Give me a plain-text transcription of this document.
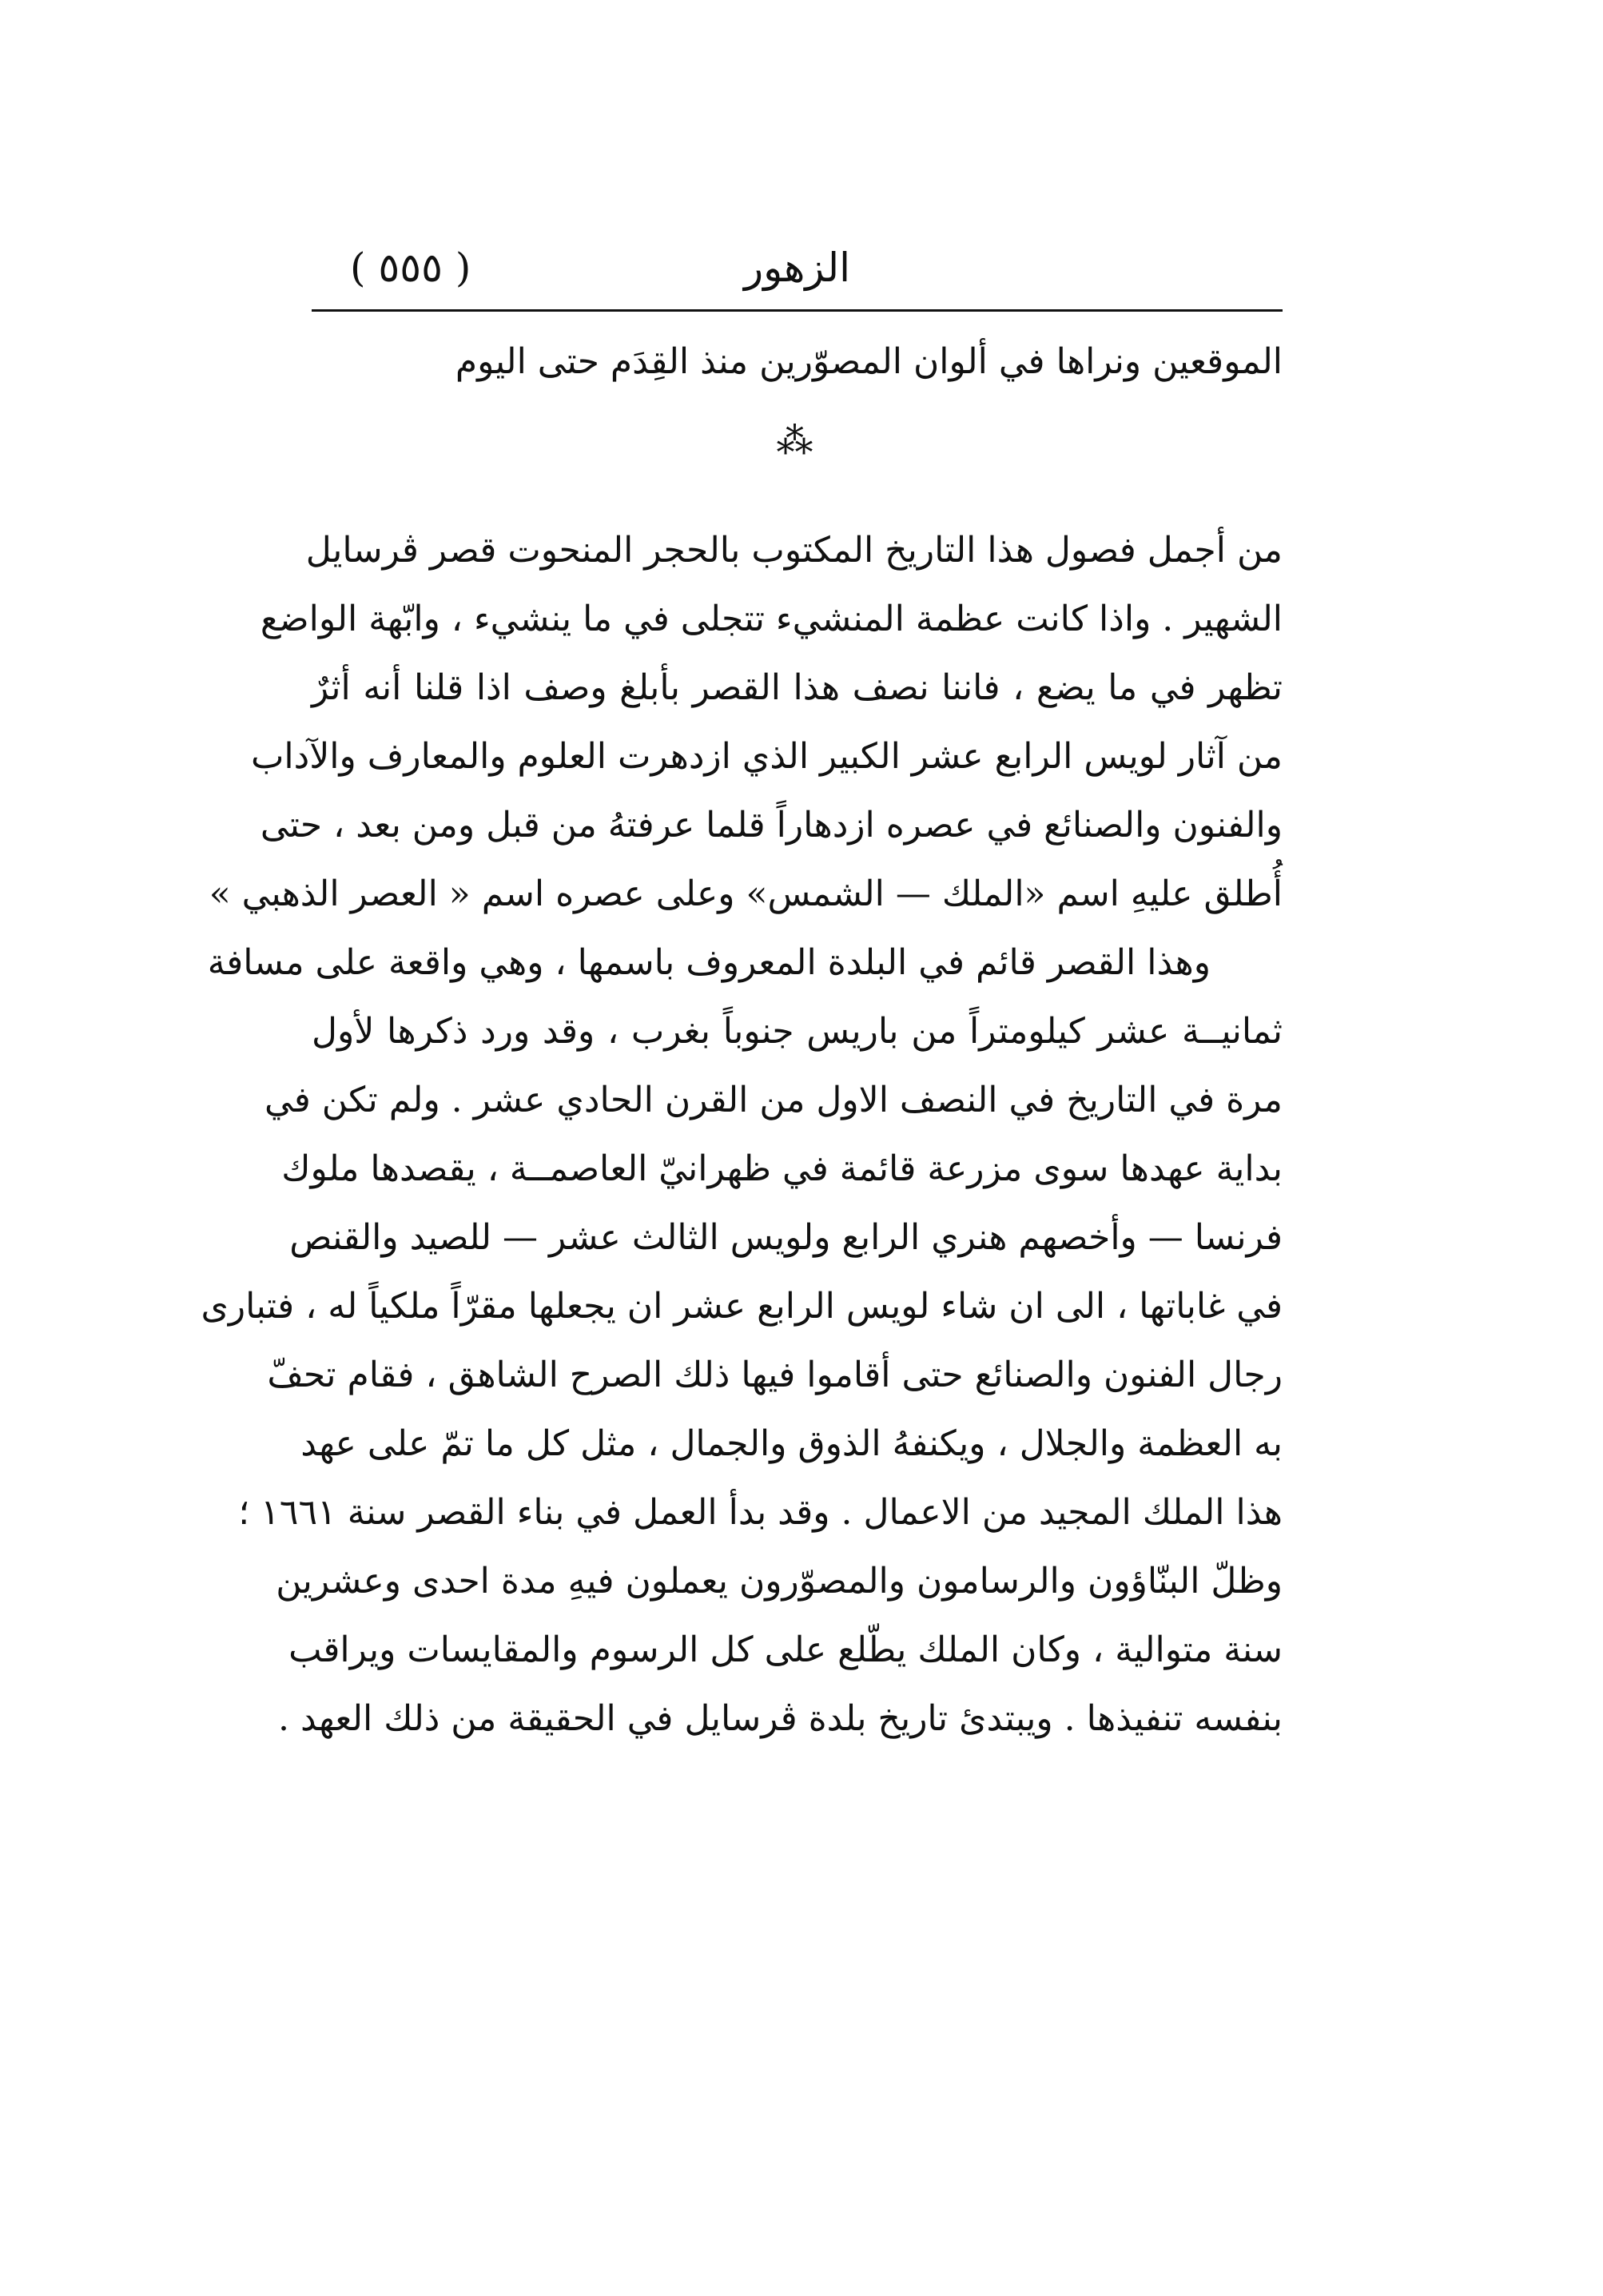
الزهور
( ٥٥٥ )
الموقعين ونراها في ألوان المصوّرين منذ القِدَم حتى اليوم
⁂
من أجمل فصول هذا التاريخ المكتوب بالحجر المنحوت قصر ڤرسايل
الشهير . واذا كانت عظمة المنشيء تتجلى في ما ينشيء ، وابّهة الواضع
تظهر في ما يضع ، فاننا نصف هذا القصر بأبلغ وصف اذا قلنا أنه أثرٌ
من آثار لويس الرابع عشر الكبير الذي ازدهرت العلوم والمعارف والآداب
والفنون والصنائع في عصره ازدهاراً قلما عرفتهُ من قبل ومن بعد ، حتى
أُطلق عليهِ اسم «الملك — الشمس» وعلى عصره اسم « العصر الذهبي »
وهذا القصر قائم في البلدة المعروف باسمها ، وهي واقعة على مسافة
ثمانيــة عشر كيلومتراً من باريس جنوباً بغرب ، وقد ورد ذكرها لأول
مرة في التاريخ في النصف الاول من القرن الحادي عشر . ولم تكن في
بداية عهدها سوى مزرعة قائمة في ظهرانيّ العاصمــة ، يقصدها ملوك
فرنسا — وأخصهم هنري الرابع ولويس الثالث عشر — للصيد والقنص
في غاباتها ، الى ان شاء لويس الرابع عشر ان يجعلها مقرّاً ملكياً له ، فتبارى
رجال الفنون والصنائع حتى أقاموا فيها ذلك الصرح الشاهق ، فقام تحفّ
به العظمة والجلال ، ويكنفهُ الذوق والجمال ، مثل كل ما تمّ على عهد
هذا الملك المجيد من الاعمال . وقد بدأ العمل في بناء القصر سنة ١٦٦١ ؛
وظلّ البنّاؤون والرسامون والمصوّرون يعملون فيهِ مدة احدى وعشرين
سنة متوالية ، وكان الملك يطّلع على كل الرسوم والمقايسات ويراقب
بنفسه تنفيذها . ويبتدئ تاريخ بلدة ڤرسايل في الحقيقة من ذلك العهد .
